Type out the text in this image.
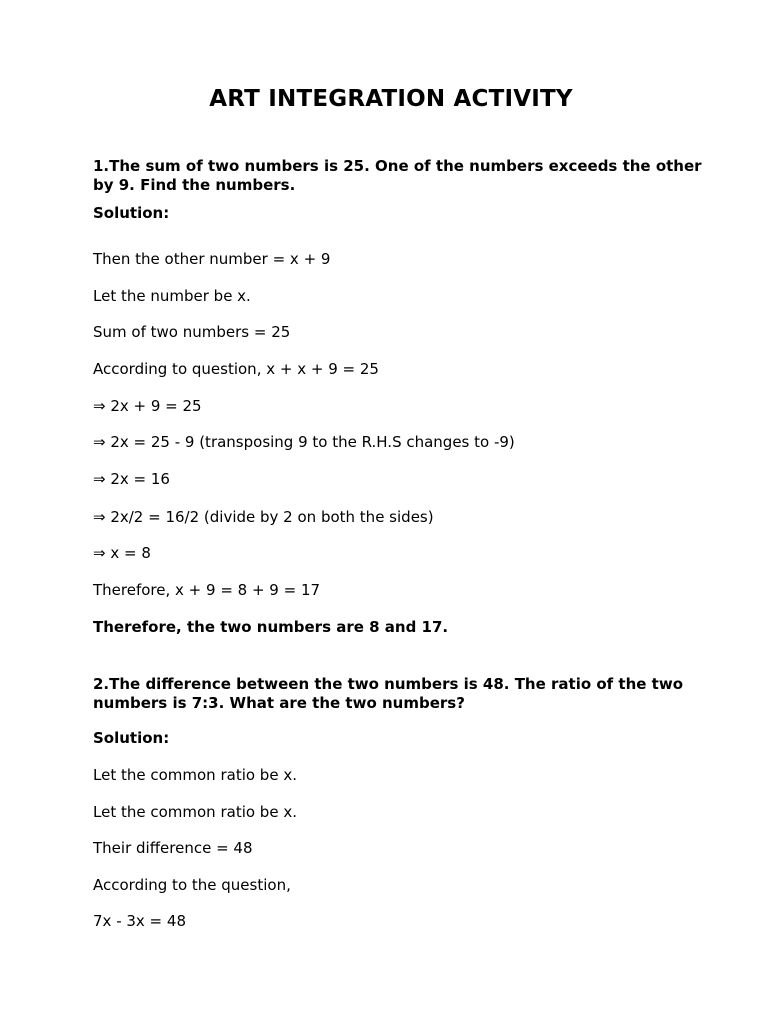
ART INTEGRATION ACTIVITY
1.The sum of two numbers is 25. One of the numbers exceeds the other by 9. Find the numbers.
Solution:
Then the other number = x + 9
Let the number be x.
Sum of two numbers = 25
According to question, x + x + 9 = 25
⇒ 2x + 9 = 25
⇒ 2x = 25 - 9 (transposing 9 to the R.H.S changes to -9)
⇒ 2x = 16
⇒ 2x/2 = 16/2 (divide by 2 on both the sides)
⇒ x = 8
Therefore, x + 9 = 8 + 9 = 17
Therefore, the two numbers are 8 and 17.
2.The difference between the two numbers is 48. The ratio of the two numbers is 7:3. What are the two numbers?
Solution:
Let the common ratio be x.
Let the common ratio be x.
Their difference = 48
According to the question,
7x - 3x = 48
